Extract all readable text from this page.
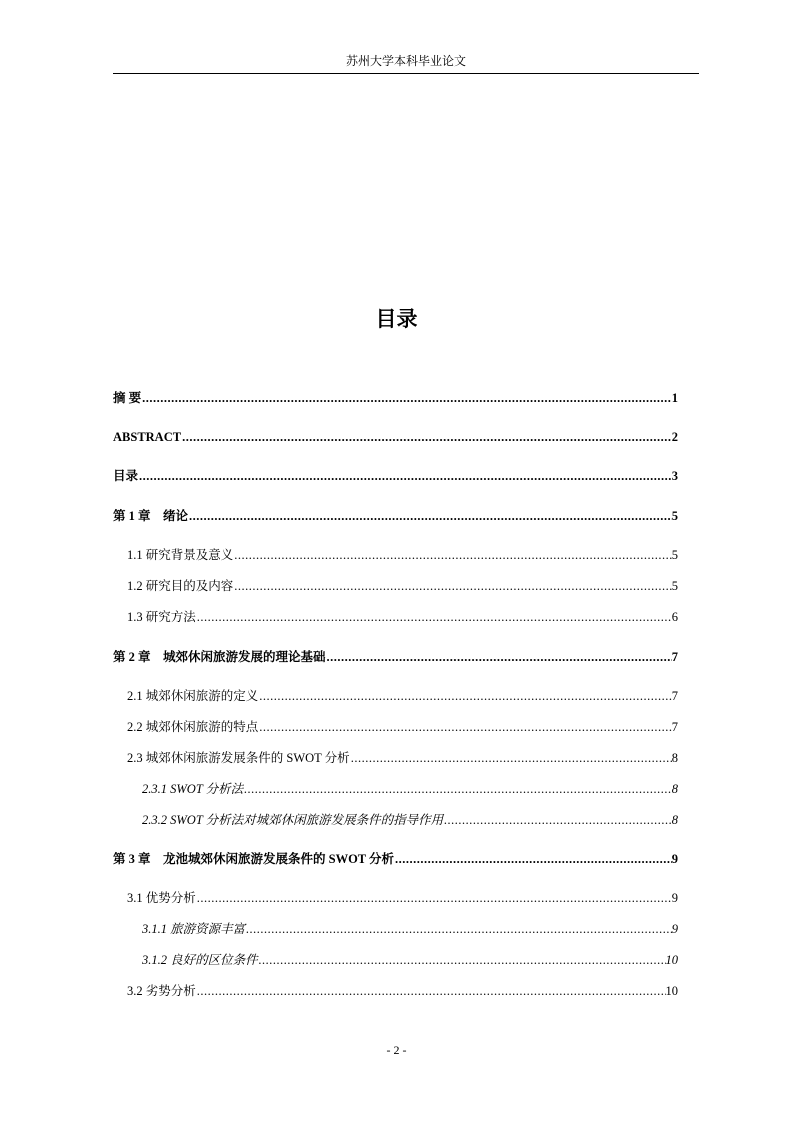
苏州大学本科毕业论文
目录
摘 要 .....	1
ABSTRACT .....	2
目录 .....	3
第 1 章　绪论 .....	5
1.1 研究背景及意义 .....	5
1.2 研究目的及内容 .....	5
1.3 研究方法 .....	6
第 2 章　城郊休闲旅游发展的理论基础 .....	7
2.1 城郊休闲旅游的定义 .....	7
2.2 城郊休闲旅游的特点 .....	7
2.3 城郊休闲旅游发展条件的 SWOT 分析 .....	8
2.3.1 SWOT 分析法 .....	8
2.3.2 SWOT 分析法对城郊休闲旅游发展条件的指导作用 .....	8
第 3 章　龙池城郊休闲旅游发展条件的 SWOT 分析 .....	9
3.1 优势分析 .....	9
3.1.1 旅游资源丰富 .....	9
3.1.2 良好的区位条件 .....	10
3.2 劣势分析 .....	10
- 2 -
